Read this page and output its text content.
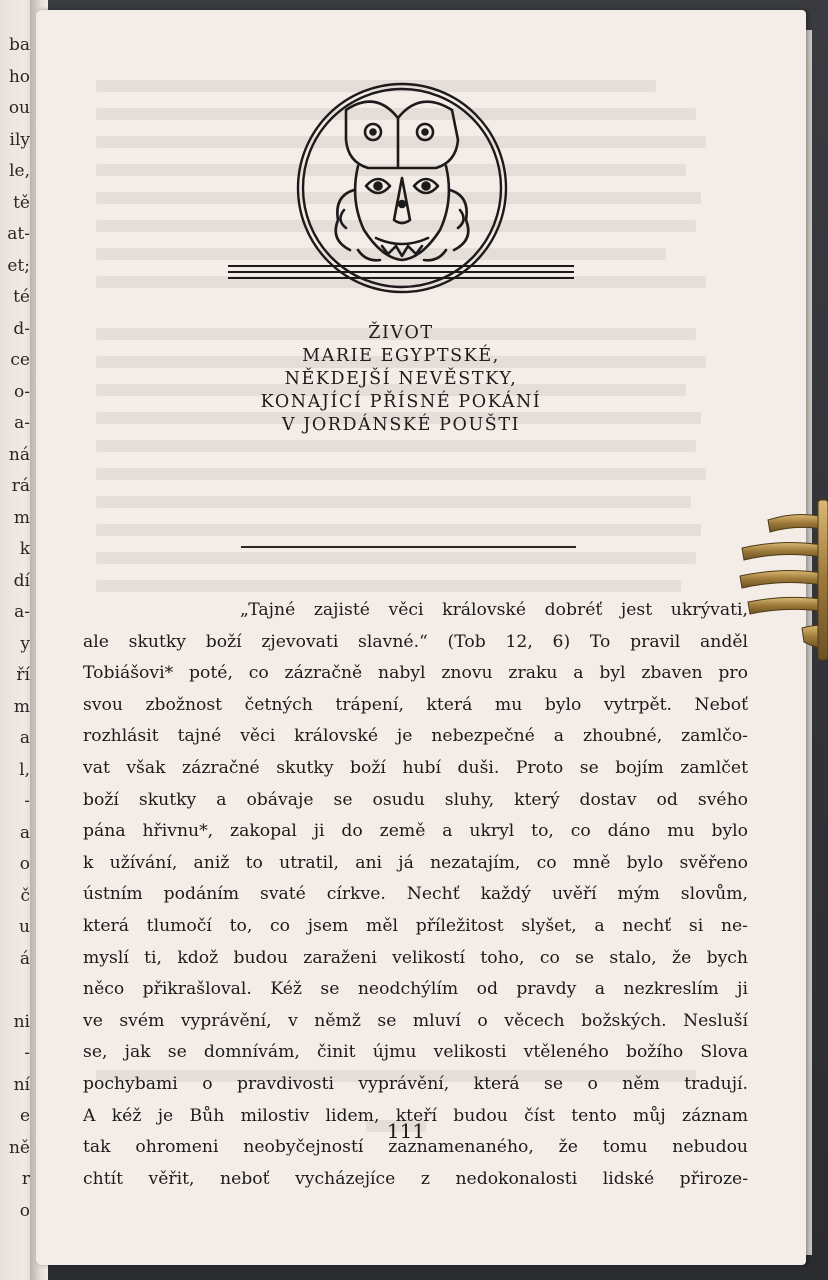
ba
ho
ou
ily
le,
tě
at-
et;
té
d-
ce
o-
a-
ná
rá
m
k
dí
a-
y
ří
m
a
l,
-
a
o
č
u
á
ni
-
ní
e
ně
r
o
ŽIVOT
MARIE EGYPTSKÉ,
NĚKDEJŠÍ NEVĚSTKY,
KONAJÍCÍ PŘÍSNÉ POKÁNÍ
V JORDÁNSKÉ POUŠTI
„Tajné zajisté věci královské dobréť jest ukrývati,
ale skutky boží zjevovati slavné.“ (Tob 12, 6) To pravil anděl
Tobiášovi* poté, co zázračně nabyl znovu zraku a byl zbaven pro
svou zbožnost četných trápení, která mu bylo vytrpět. Neboť
rozhlásit tajné věci královské je nebezpečné a zhoubné, zamlčo-
vat však zázračné skutky boží hubí duši. Proto se bojím zamlčet
boží skutky a obávaje se osudu sluhy, který dostav od svého
pána hřivnu*, zakopal ji do země a ukryl to, co dáno mu bylo
k užívání, aniž to utratil, ani já nezatajím, co mně bylo svěřeno
ústním podáním svaté církve. Nechť každý uvěří mým slovům,
která tlumočí to, co jsem měl příležitost slyšet, a nechť si ne-
myslí ti, kdož budou zaraženi velikostí toho, co se stalo, že bych
něco přikrašloval. Kéž se neodchýlím od pravdy a nezkreslím ji
ve svém vyprávění, v němž se mluví o věcech božských. Nesluší
se, jak se domnívám, činit újmu velikosti vtěleného božího Slova
pochybami o pravdivosti vyprávění, která se o něm tradují.
A kéž je Bůh milostiv lidem, kteří budou číst tento můj záznam
tak ohromeni neobyčejností zaznamenaného, že tomu nebudou
chtít věřit, neboť vycházejíce z nedokonalosti lidské přiroze-
111
